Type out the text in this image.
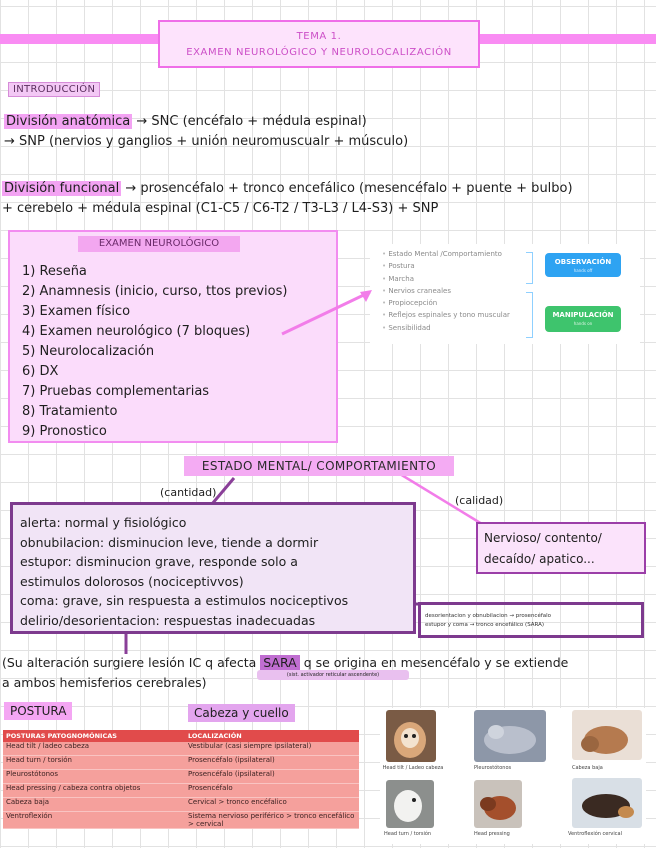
TEMA 1.
EXAMEN NEUROLÓGICO Y NEUROLOCALIZACIÓN
INTRODUCCIÓN
División anatómica → SNC (encéfalo + médula espinal)
→ SNP (nervios y ganglios + unión neuromuscualr + músculo)
División funcional → prosencéfalo + tronco encefálico (mesencéfalo + puente + bulbo)
+ cerebelo + médula espinal (C1-C5 / C6-T2 / T3-L3 / L4-S3) + SNP
EXAMEN NEUROLÓGICO
1) Reseña
2) Anamnesis (inicio, curso, ttos previos)
3) Examen físico
4) Examen neurológico (7 bloques)
5) Neurolocalización
6) DX
7) Pruebas complementarias
8) Tratamiento
9) Pronostico
• Estado Mental /Comportamiento
• Postura
• Marcha
• Nervios craneales
• Propiocepción
• Reflejos espinales y tono muscular
• Sensibilidad
OBSERVACIÓN
hands off
MANIPULACIÓN
hands on
ESTADO MENTAL/ COMPORTAMIENTO
(cantidad)
(calidad)
alerta: normal y fisiológico
obnubilacion: disminucion leve, tiende a dormir
estupor: disminucion grave, responde solo a
estimulos dolorosos (nociceptivvos)
coma: grave, sin respuesta a estimulos nociceptivos
delirio/desorientacion: respuestas inadecuadas
Nervioso/ contento/ decaído/ apatico...
desorientacion y obnubilacion → prosencéfalo
estupor y coma → tronco encefálico (SARA)
(Su alteración surgiere lesión IC q afecta SARA q se origina en mesencéfalo y se extiende
a ambos hemisferios cerebrales)	(sist. activador reticular ascendente)
POSTURA	Cabeza y cuello
POSTURAS PATOGNOMÓNICAS	LOCALIZACIÓN
Head tilt / ladeo cabeza	Vestibular (casi siempre ipsilateral)
Head turn / torsión	Prosencéfalo (ipsilateral)
Pleurostótonos	Prosencéfalo (ipsilateral)
Head pressing / cabeza contra objetos	Prosencéfalo
Cabeza baja	Cervical > tronco encéfalico
Ventroflexión	Sistema nervioso periférico > tronco encefálico > cervical
Head tilt / Ladeo cabeza	Pleurostótonos	Cabeza baja
Head turn / torsión	Head pressing	Ventroflexión cervical
